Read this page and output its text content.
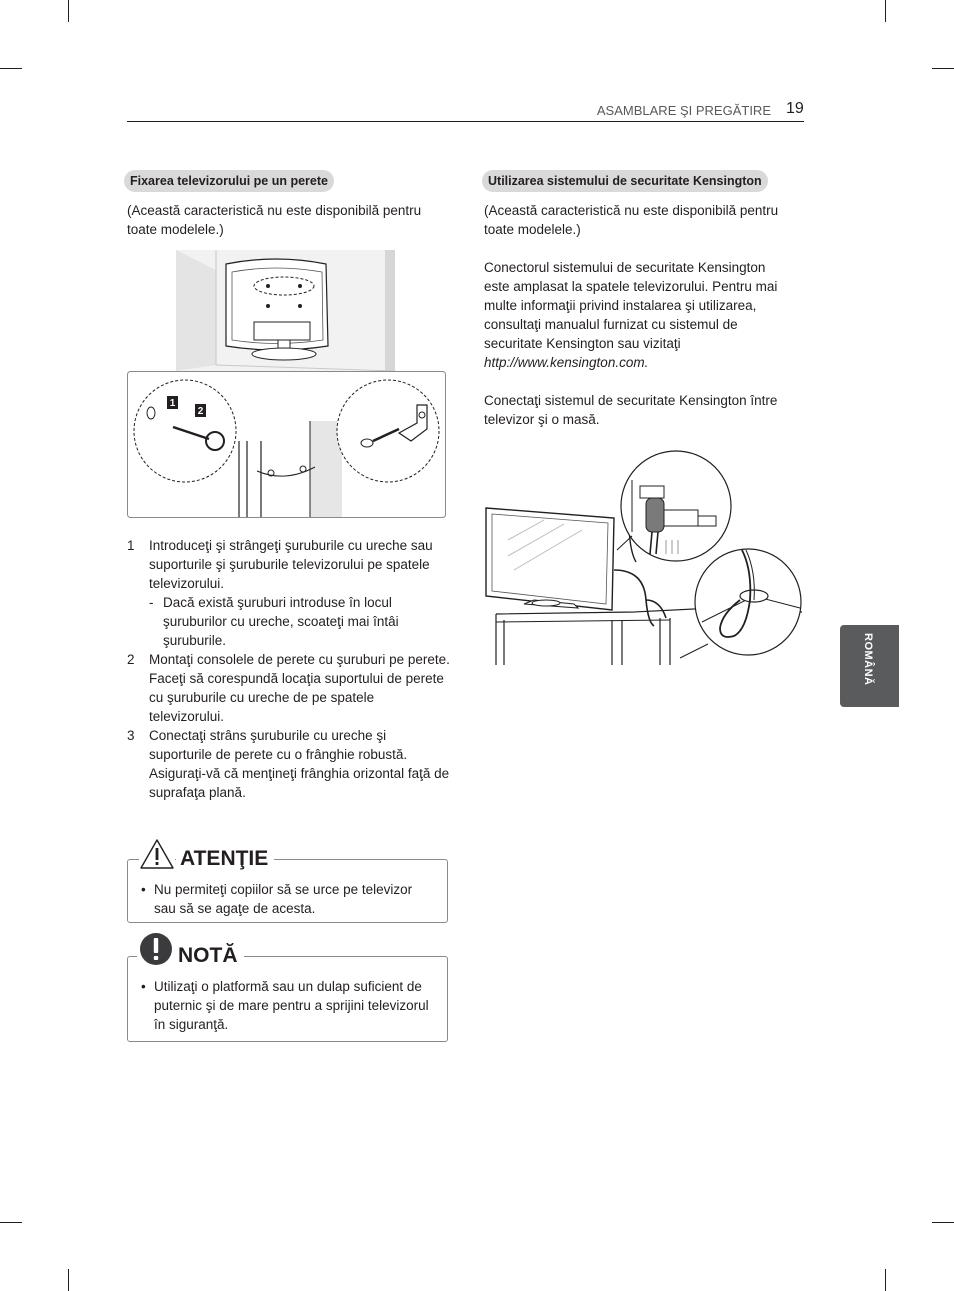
ASAMBLARE ŞI PREGĂTIRE 19
ROMÂNĂ
Fixarea televizorului pe un perete

(Această caracteristică nu este disponibilă pentru toate modelele.)

1
2
1 Introduceţi şi strângeţi şuruburile cu ureche sau suporturile şi şuruburile televizorului pe spatele televizorului.
- Dacă există şuruburi introduse în locul şuruburilor cu ureche, scoateţi mai întâi şuruburile.
2 Montaţi consolele de perete cu şuruburi pe perete.
Faceţi să corespundă locaţia suportului de perete cu şuruburile cu ureche de pe spatele televizorului.
3 Conectaţi strâns şuruburile cu ureche şi suporturile de perete cu o frânghie robustă. Asiguraţi-vă că menţineţi frânghia orizontal faţă de suprafaţa plană.
ATENŢIE
• Nu permiteţi copiilor să se urce pe televizor sau să se agaţe de acesta.
NOTĂ
• Utilizaţi o platformă sau un dulap suficient de puternic şi de mare pentru a sprijini televizorul în siguranţă.
Utilizarea sistemului de securitate Kensington

(Această caracteristică nu este disponibilă pentru toate modelele.)

Conectorul sistemului de securitate Kensington este amplasat la spatele televizorului. Pentru mai multe informaţii privind instalarea şi utilizarea, consultaţi manualul furnizat cu sistemul de securitate Kensington sau vizitaţi http://www.kensington.com.

Conectaţi sistemul de securitate Kensington între televizor şi o masă.
